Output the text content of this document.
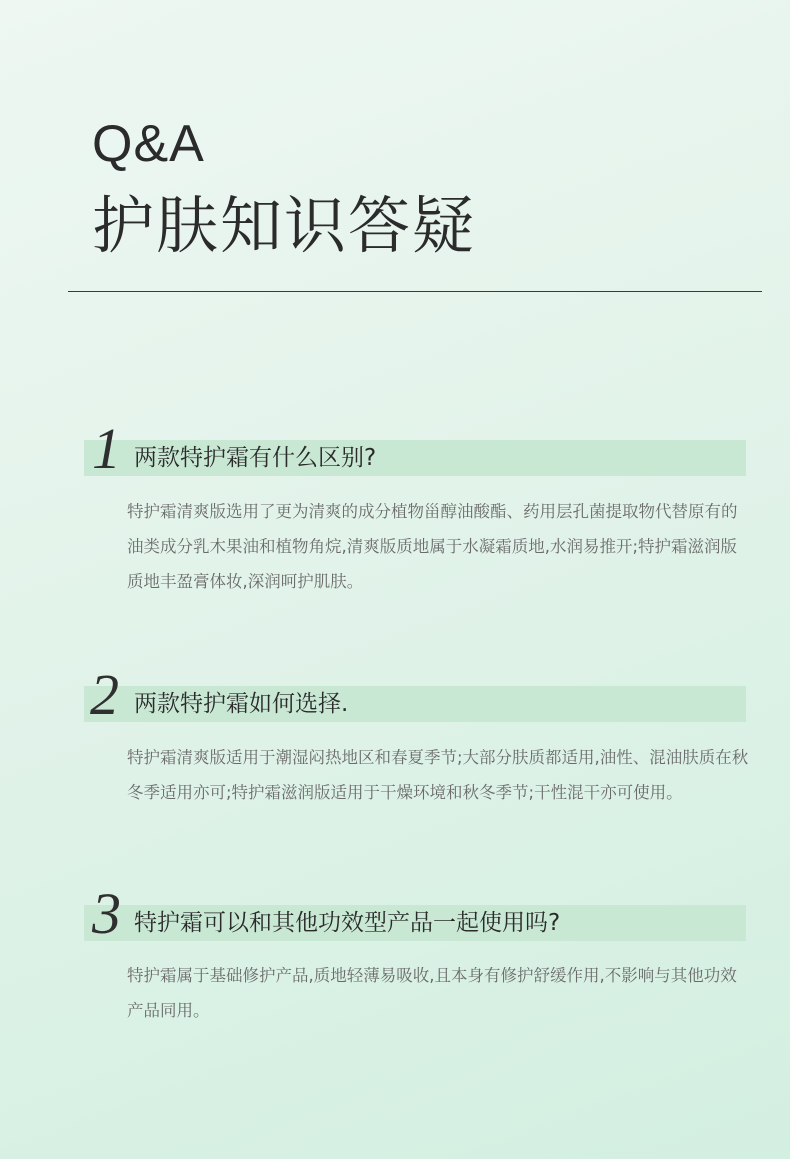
Q&A
护肤知识答疑
1 两款特护霜有什么区别?
特护霜清爽版选用了更为清爽的成分植物甾醇油酸酯、药用层孔菌提取物代替原有的油类成分乳木果油和植物角烷,清爽版质地属于水凝霜质地,水润易推开;特护霜滋润版质地丰盈膏体妆,深润呵护肌肤。
2 两款特护霜如何选择.
特护霜清爽版适用于潮湿闷热地区和春夏季节;大部分肤质都适用,油性、混油肤质在秋冬季适用亦可;特护霜滋润版适用于干燥环境和秋冬季节;干性混干亦可使用。
3 特护霜可以和其他功效型产品一起使用吗?
特护霜属于基础修护产品,质地轻薄易吸收,且本身有修护舒缓作用,不影响与其他功效产品同用。
